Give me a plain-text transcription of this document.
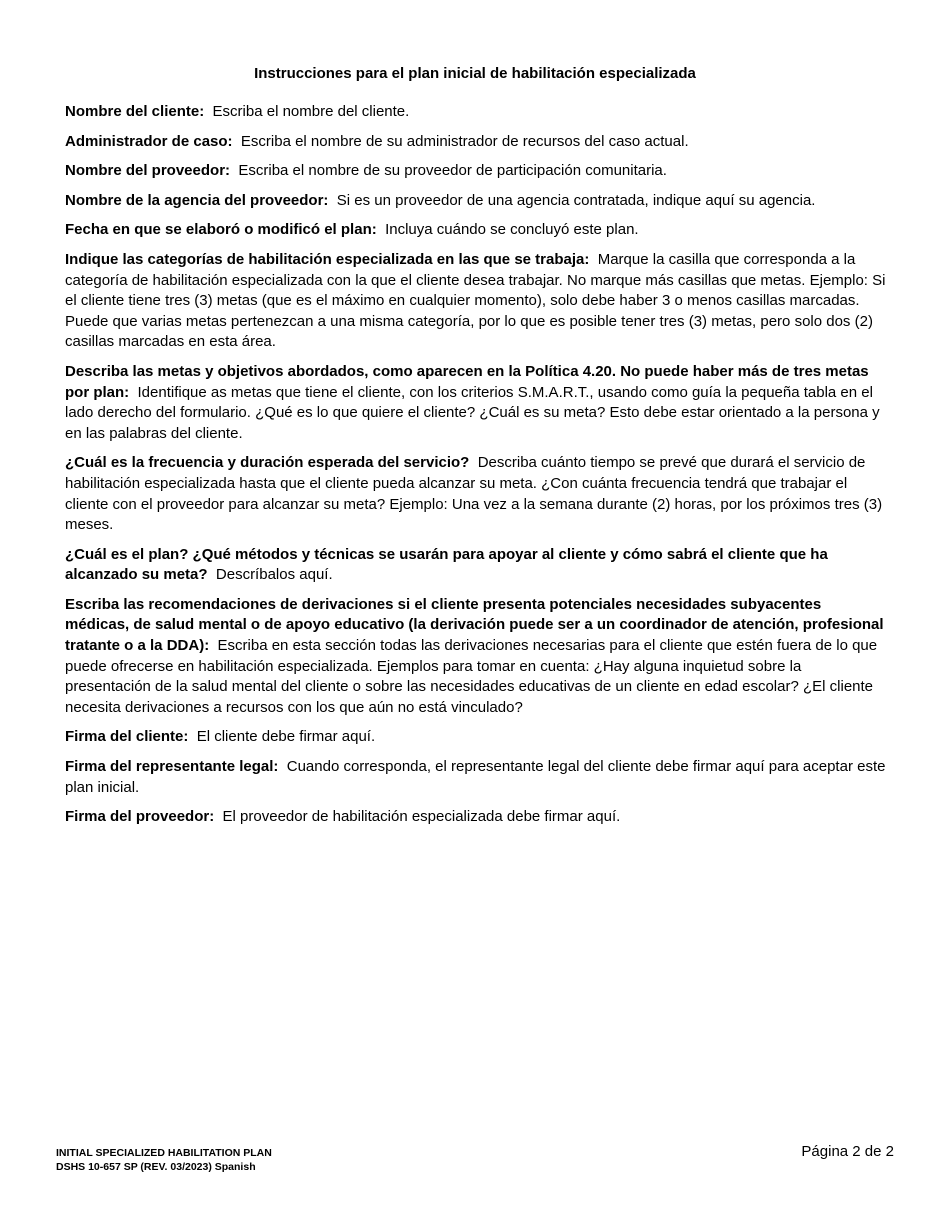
Instrucciones para el plan inicial de habilitación especializada

Nombre del cliente: Escriba el nombre del cliente.

Administrador de caso: Escriba el nombre de su administrador de recursos del caso actual.

Nombre del proveedor: Escriba el nombre de su proveedor de participación comunitaria.

Nombre de la agencia del proveedor: Si es un proveedor de una agencia contratada, indique aquí su agencia.

Fecha en que se elaboró o modificó el plan: Incluya cuándo se concluyó este plan.

Indique las categorías de habilitación especializada en las que se trabaja: Marque la casilla que corresponda a la categoría de habilitación especializada con la que el cliente desea trabajar. No marque más casillas que metas. Ejemplo: Si el cliente tiene tres (3) metas (que es el máximo en cualquier momento), solo debe haber 3 o menos casillas marcadas. Puede que varias metas pertenezcan a una misma categoría, por lo que es posible tener tres (3) metas, pero solo dos (2) casillas marcadas en esta área.

Describa las metas y objetivos abordados, como aparecen en la Política 4.20. No puede haber más de tres metas por plan: Identifique as metas que tiene el cliente, con los criterios S.M.A.R.T., usando como guía la pequeña tabla en el lado derecho del formulario. ¿Qué es lo que quiere el cliente? ¿Cuál es su meta? Esto debe estar orientado a la persona y en las palabras del cliente.

¿Cuál es la frecuencia y duración esperada del servicio? Describa cuánto tiempo se prevé que durará el servicio de habilitación especializada hasta que el cliente pueda alcanzar su meta. ¿Con cuánta frecuencia tendrá que trabajar el cliente con el proveedor para alcanzar su meta? Ejemplo: Una vez a la semana durante (2) horas, por los próximos tres (3) meses.

¿Cuál es el plan? ¿Qué métodos y técnicas se usarán para apoyar al cliente y cómo sabrá el cliente que ha alcanzado su meta? Descríbalos aquí.

Escriba las recomendaciones de derivaciones si el cliente presenta potenciales necesidades subyacentes médicas, de salud mental o de apoyo educativo (la derivación puede ser a un coordinador de atención, profesional tratante o a la DDA): Escriba en esta sección todas las derivaciones necesarias para el cliente que estén fuera de lo que puede ofrecerse en habilitación especializada. Ejemplos para tomar en cuenta: ¿Hay alguna inquietud sobre la presentación de la salud mental del cliente o sobre las necesidades educativas de un cliente en edad escolar? ¿El cliente necesita derivaciones a recursos con los que aún no está vinculado?

Firma del cliente: El cliente debe firmar aquí.

Firma del representante legal: Cuando corresponda, el representante legal del cliente debe firmar aquí para aceptar este plan inicial.

Firma del proveedor: El proveedor de habilitación especializada debe firmar aquí.

INITIAL SPECIALIZED HABILITATION PLAN
DSHS 10-657 SP (REV. 03/2023) Spanish
Página 2 de 2
